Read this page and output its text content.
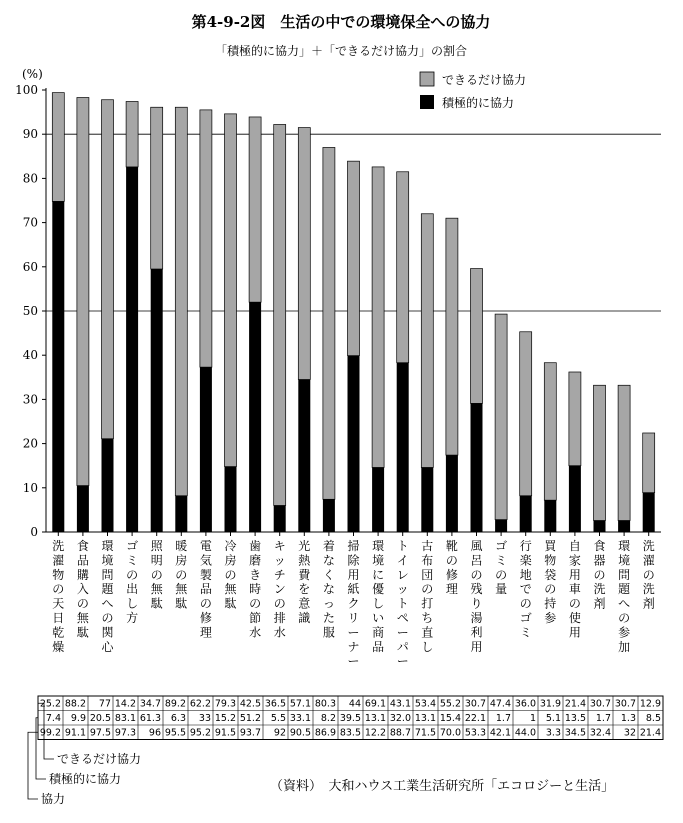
第4-9-2図　生活の中での環境保全への協力
「積極的に協力」＋「できるだけ協力」の割合
(%)
0
10
20
30
40
50
60
70
80
90
100
洗濯物の天日乾燥
食品購入の無駄
環境問題への関心
ゴミの出し方
照明の無駄
暖房の無駄
電気製品の修理
冷房の無駄
歯磨き時の節水
キッチンの排水
光熱費を意識
着なくなった服
掃除用紙クリーナー
環境に優しい商品
トイレットペーパー
古布団の打ち直し
靴の修理
風呂の残り湯利用
ゴミの量
行楽地でのゴミ
買物袋の持参
自家用車の使用
食器の洗剤
環境問題への参加
洗濯の洗剤
できるだけ協力
積極的に協力
25.2 88.2 77 14.2 34.7 89.2 62.2 79.3 42.5 36.5 57.1 80.3 44 69.1 43.1 53.4 55.2 30.7 47.4 36.0 31.9 21.4 30.7 30.7 12.9
7.4 9.9 20.5 83.1 61.3 6.3 33 15.2 51.2 5.5 33.1 8.2 39.5 13.1 32.0 13.1 15.4 22.1 1.7 1 5.1 13.5 1.7 1.3 8.5
99.2 91.1 97.5 97.3 96 95.5 95.2 91.5 93.7 92 90.5 86.9 83.5 12.2 88.7 71.5 70.0 53.3 42.1 44.0 3.3 34.5 32.4 32 21.4
できるだけ協力
積極的に協力
協力
（資料）　大和ハウス工業生活研究所「エコロジーと生活」
